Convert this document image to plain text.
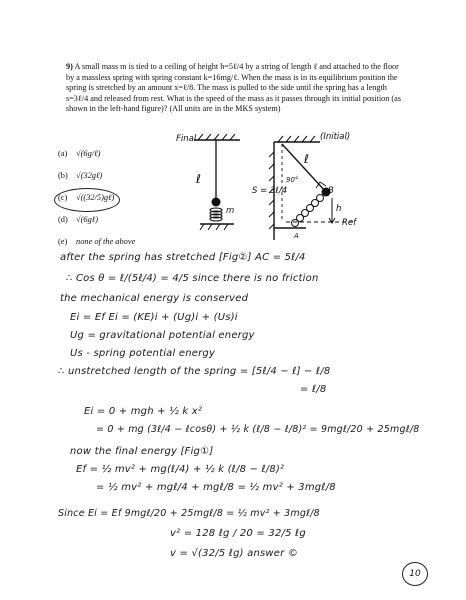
9) A small mass m is tied to a ceiling of height h=5ℓ/4 by a string of length ℓ and attached to the floor by a massless spring with spring constant k=16mg/ℓ. When the mass is in its equilibrium position the spring is stretched by an amount x=ℓ/8. The mass is pulled to the side until the spring has a length s=3ℓ/4 and released from rest. What is the speed of the mass as it passes through its initial position (as shown in the left-hand figure)? (All units are in the MKS system)
(a)	√(6g/ℓ)
(b) √(32gℓ)
(c)	√((32/5)gℓ)
(d) √(6gℓ)
(e)	none of the above
Final
ℓ
m
(Initial)
ℓ
S = 3ℓ/4
90°
B
h
Ref
A
after the spring has stretched [Fig②] AC = 5ℓ/4
∴ Cos θ = ℓ/(5ℓ/4) = 4/5 since there is no friction
the mechanical energy is conserved
Ei = Ef Ei = (KE)i + (Ug)i + (Us)i
Ug = gravitational potential energy
Us - spring potential energy
∴ unstretched length of the spring = [5ℓ/4 − ℓ] − ℓ/8
= ℓ/8
Ei = 0 + mgh + ½ k x²
= 0 + mg (3ℓ/4 − ℓcosθ) + ½ k (ℓ/8 − ℓ/8)² = 9mgℓ/20 + 25mgℓ/8
now the final energy [Fig①]
Ef = ½ mv² + mg(ℓ/4) + ½ k (ℓ/8 − ℓ/8)²
= ½ mv² + mgℓ/4 + mgℓ/8 = ½ mv² + 3mgℓ/8
Since Ei = Ef 9mgℓ/20 + 25mgℓ/8 = ½ mv² + 3mgℓ/8
v² = 128 ℓg / 20 = 32/5 ℓg
v = √(32/5 ℓg) answer ©
10
